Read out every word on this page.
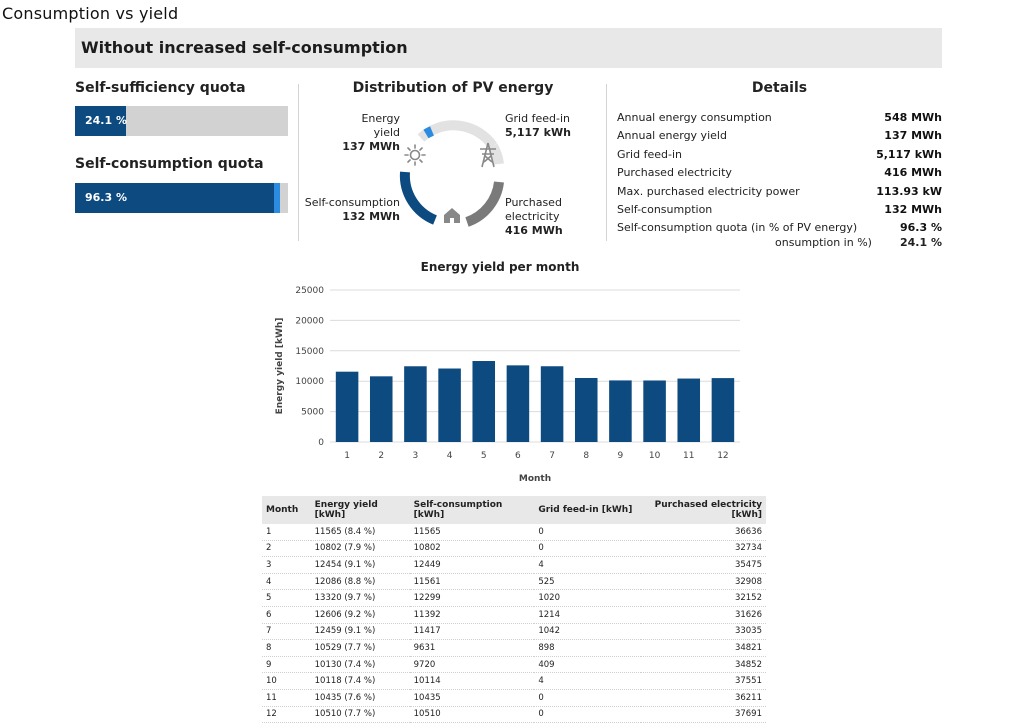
Consumption vs yield
Without increased self-consumption
Self-sufficiency quota
24.1 %
Self-consumption quota
96.3 %
Distribution of PV energy
Energy yield
137 MWh
Grid feed-in
5,117 kWh
Self-consumption
132 MWh
Purchased
electricity
416 MWh
Details
Annual energy consumption	548 MWh
Annual energy yield	137 MWh
Grid feed-in	5,117 kWh
Purchased electricity	416 MWh
Max. purchased electricity power	113.93 kW
Self-consumption	132 MWh
Self-consumption quota (in % of PV energy)	96.3 %
onsumption in %)	24.1 %
Energy yield per month
0
5000
10000
15000
20000
25000
1	2	3	4	5	6	7	8	9	10	11	12
Month
Energy yield [kWh]
Month	Energy yield [kWh]	Self-consumption [kWh]	Grid feed-in [kWh]	Purchased electricity [kWh]
1	11565 (8.4 %)	11565	0	36636
2	10802 (7.9 %)	10802	0	32734
3	12454 (9.1 %)	12449	4	35475
4	12086 (8.8 %)	11561	525	32908
5	13320 (9.7 %)	12299	1020	32152
6	12606 (9.2 %)	11392	1214	31626
7	12459 (9.1 %)	11417	1042	33035
8	10529 (7.7 %)	9631	898	34821
9	10130 (7.4 %)	9720	409	34852
10	10118 (7.4 %)	10114	4	37551
11	10435 (7.6 %)	10435	0	36211
12	10510 (7.7 %)	10510	0	37691
